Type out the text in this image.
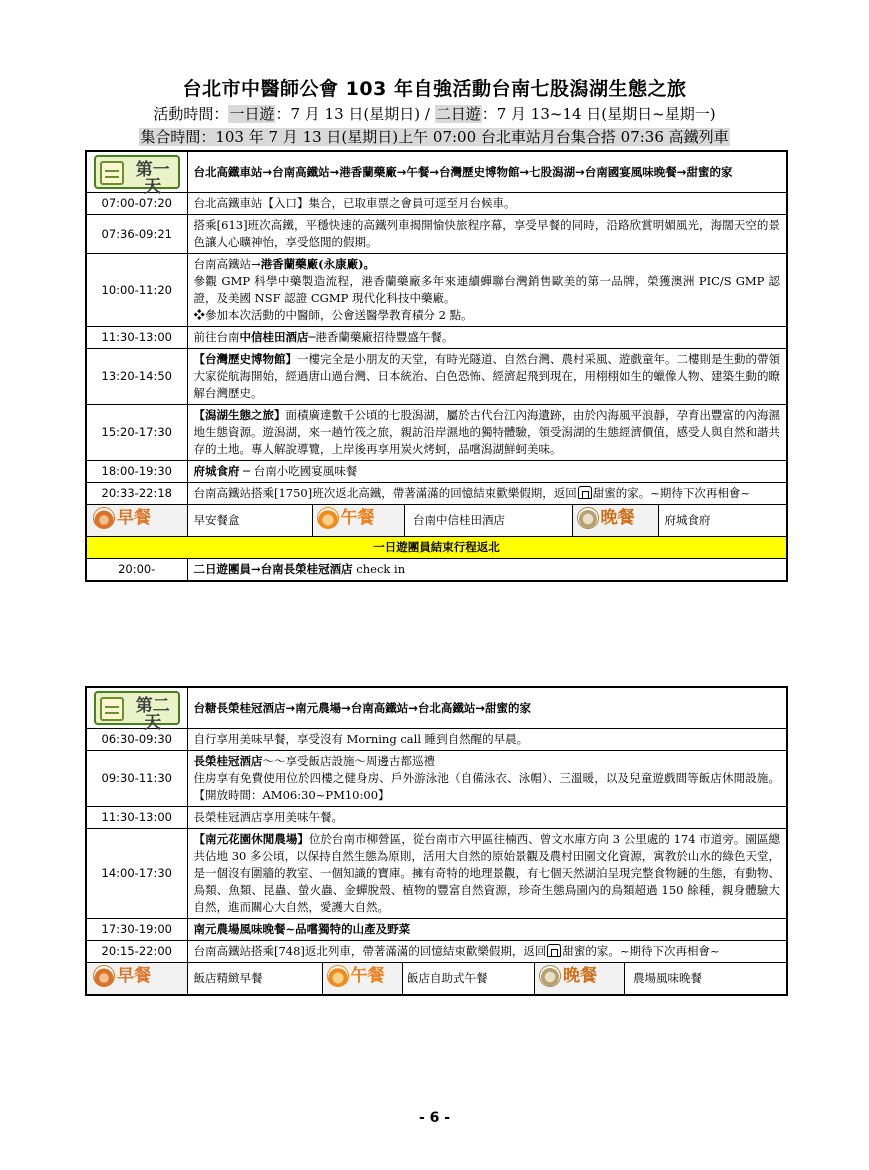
台北市中醫師公會 103 年自強活動台南七股潟湖生態之旅
活動時間：一日遊：7 月 13 日(星期日) / 二日遊：7 月 13~14 日(星期日~星期一)
集合時間：103 年 7 月 13 日(星期日)上午 07:00 台北車站月台集合搭 07:36 高鐵列車
第一天
	台北高鐵車站→台南高鐵站→港香蘭藥廠→午餐→台灣歷史博物館→七股潟湖→台南國宴風味晚餐→甜蜜的家
07:00-07:20	台北高鐵車站【入口】集合，已取車票之會員可逕至月台候車。
07:36-09:21	搭乘[613]班次高鐵，平穩快速的高鐵列車揭開愉快旅程序幕，享受早餐的同時，沿路欣賞明媚風光，海闊天空的景色讓人心曠神怡，享受悠閒的假期。
10:00-11:20	
台南高鐵站→港香蘭藥廠(永康廠)。
參觀 GMP 科學中藥製造流程，港香蘭藥廠多年來連續蟬聯台灣銷售歐美的第一品牌，榮獲澳洲 PIC/S GMP 認證，及美國 NSF 認證 CGMP 現代化科技中藥廠。
❖參加本次活動的中醫師，公會送醫學教育積分 2 點。

11:30-13:00	前往台南中信桂田酒店─港香蘭藥廠招待豐盛午餐。
13:20-14:50	【台灣歷史博物館】一樓完全是小朋友的天堂，有時光隧道、自然台灣、農村采風、遊戲童年。二樓則是生動的帶領大家從航海開始，經過唐山過台灣、日本統治、白色恐怖、經濟起飛到現在，用栩栩如生的蠟像人物、建築生動的瞭解台灣歷史。
15:20-17:30	【潟湖生態之旅】面積廣達數千公頃的七股潟湖，屬於古代台江內海遺跡，由於內海風平浪靜，孕育出豐富的內海濕地生態資源。遊潟湖，來一趟竹筏之旅，親訪沿岸濕地的獨特體驗，領受潟湖的生態經濟價值，感受人與自然和諧共存的土地。專人解說導覽，上岸後再享用炭火烤蚵，品嚐潟湖鮮蚵美味。
18:00-19:30	府城食府 ─ 台南小吃國宴風味餐
20:33-22:18	台南高鐵站搭乘[1750]班次返北高鐵，帶著滿滿的回憶結束歡樂假期，返回 甜蜜的家。~期待下次再相會~

早餐	早安餐盒		午餐	台南中信桂田酒店	晚餐	府城食府

一日遊團員結束行程返北
20:00-	二日遊團員→台南長榮桂冠酒店 check in
第二天
	台糖長榮桂冠酒店→南元農場→台南高鐵站→台北高鐵站→甜蜜的家
06:30-09:30	自行享用美味早餐，享受沒有 Morning call 睡到自然醒的早晨。
09:30-11:30	
長榮桂冠酒店～～享受飯店設施～周邊古都巡禮
住房享有免費使用位於四樓之健身房、戶外游泳池（自備泳衣、泳帽）、三溫暖，以及兒童遊戲間等飯店休閒設施。【開放時間：AM06:30~PM10:00】

11:30-13:00	長榮桂冠酒店享用美味午餐。
14:00-17:30	【南元花園休閒農場】位於台南市柳營區，從台南市六甲區往楠西、曾文水庫方向 3 公里處的 174 市道旁。園區總共佔地 30 多公頃，以保持自然生態為原則，活用大自然的原始景觀及農村田園文化資源，寓教於山水的綠色天堂，是一個沒有圍牆的教室、一個知識的寶庫。擁有奇特的地理景觀，有七個天然湖泊呈現完整食物鏈的生態，有動物、鳥類、魚類、昆蟲、螢火蟲、金蟬脫殼、植物的豐富自然資源，珍奇生態鳥園內的鳥類超過 150 餘種，親身體驗大自然，進而關心大自然，愛護大自然。
17:30-19:00	南元農場風味晚餐~品嚐獨特的山產及野菜
20:15-22:00	台南高鐵站搭乘[748]返北列車，帶著滿滿的回憶結束歡樂假期，返回 甜蜜的家。~期待下次再相會~

早餐	飯店精緻早餐		午餐	飯店自助式午餐	晚餐	農場風味晚餐
- 6 -
